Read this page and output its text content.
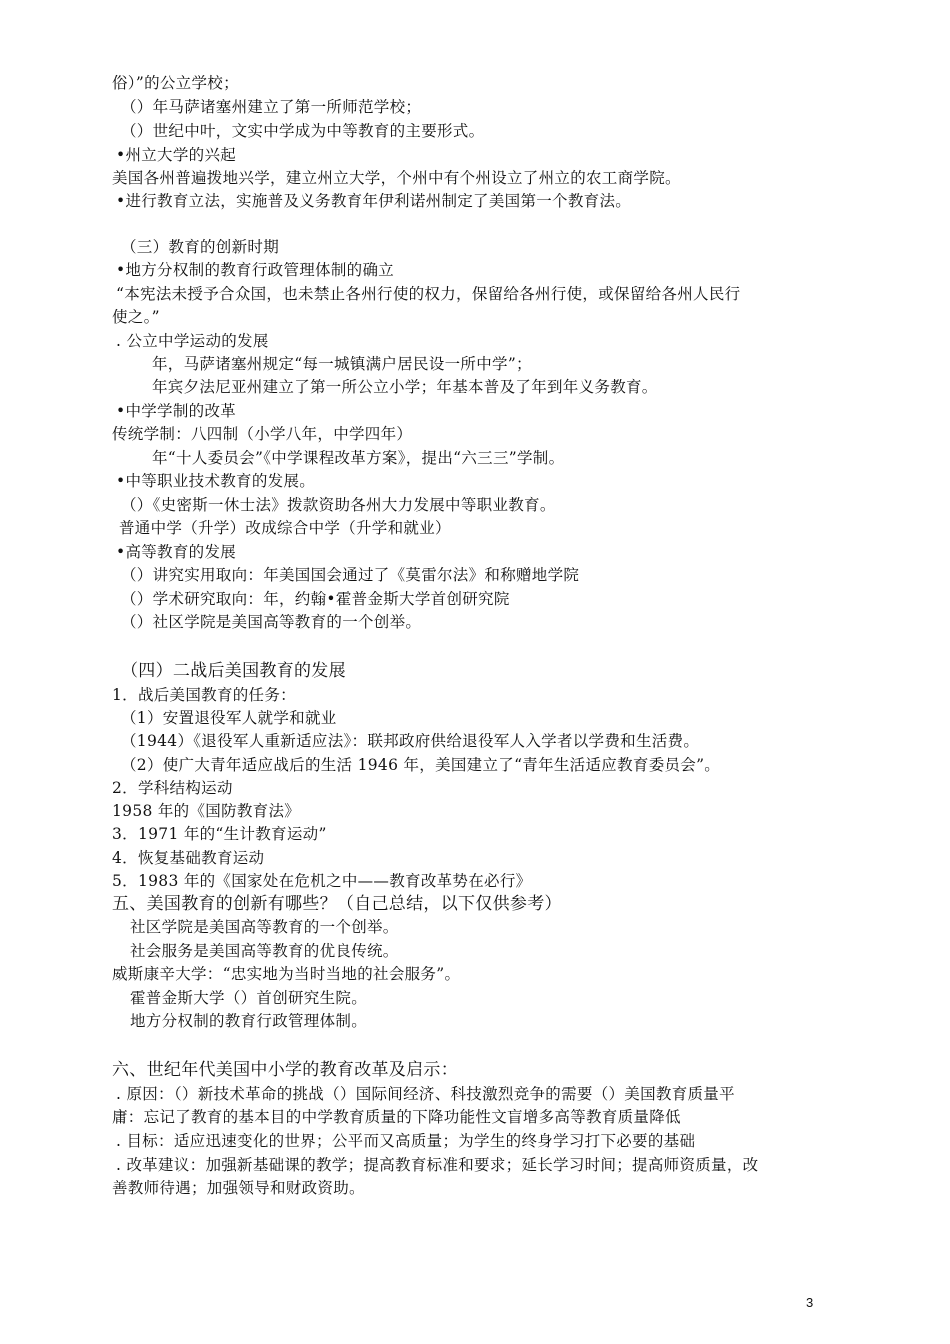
俗）”的公立学校；
（）年马萨诸塞州建立了第一所师范学校；
（）世纪中叶，文实中学成为中等教育的主要形式。
•州立大学的兴起
美国各州普遍拨地兴学，建立州立大学，个州中有个州设立了州立的农工商学院。
•进行教育立法，实施普及义务教育年伊利诺州制定了美国第一个教育法。
（三）教育的创新时期
•地方分权制的教育行政管理体制的确立
“本宪法未授予合众国，也未禁止各州行使的权力，保留给各州行使，或保留给各州人民行
使之。”
. 公立中学运动的发展
年，马萨诸塞州规定“每一城镇满户居民设一所中学”；
年宾夕法尼亚州建立了第一所公立小学；年基本普及了年到年义务教育。
•中学学制的改革
传统学制：八四制（小学八年，中学四年）
年“十人委员会”《中学课程改革方案》，提出“六三三”学制。
•中等职业技术教育的发展。
（）《史密斯一休士法》拨款资助各州大力发展中等职业教育。
普通中学（升学）改成综合中学（升学和就业）
•高等教育的发展
（）讲究实用取向：年美国国会通过了《莫雷尔法》和称赠地学院
（）学术研究取向：年，约翰•霍普金斯大学首创研究院
（）社区学院是美国高等教育的一个创举。
（四）二战后美国教育的发展
1．战后美国教育的任务：
（1）安置退役军人就学和就业
（1944）《退役军人重新适应法》：联邦政府供给退役军人入学者以学费和生活费。
（2）使广大青年适应战后的生活 1946 年，美国建立了“青年生活适应教育委员会”。
2．学科结构运动
1958 年的《国防教育法》
3．1971 年的“生计教育运动”
4．恢复基础教育运动
5．1983 年的《国家处在危机之中——教育改革势在必行》
五、美国教育的创新有哪些？（自己总结，以下仅供参考）
社区学院是美国高等教育的一个创举。
社会服务是美国高等教育的优良传统。
威斯康辛大学：“忠实地为当时当地的社会服务”。
霍普金斯大学（）首创研究生院。
地方分权制的教育行政管理体制。
六、世纪年代美国中小学的教育改革及启示：
. 原因：（）新技术革命的挑战（）国际间经济、科技激烈竞争的需要（）美国教育质量平
庸：忘记了教育的基本目的中学教育质量的下降功能性文盲增多高等教育质量降低
. 目标：适应迅速变化的世界；公平而又高质量；为学生的终身学习打下必要的基础
. 改革建议：加强新基础课的教学；提高教育标准和要求；延长学习时间；提高师资质量，改
善教师待遇；加强领导和财政资助。
3
